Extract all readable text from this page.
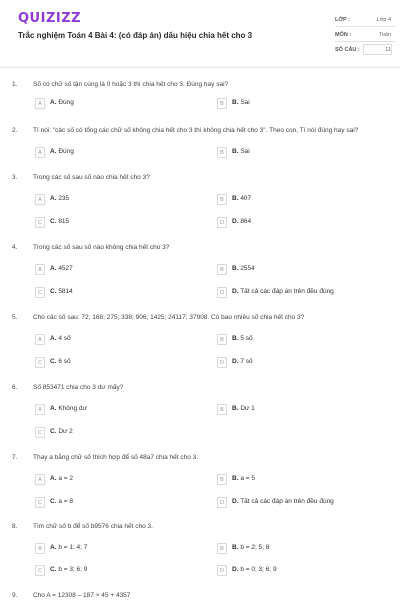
QUIZIZZ
Trắc nghiệm Toán 4 Bài 4: (có đáp án) dấu hiệu chia hết cho 3
LỚP :	Lớp 4
MÔN :	Toán
SỐ CÂU :	11
1. Số có chữ số tận cùng là 0 hoặc 3 thì chia hết cho 3. Đúng hay sai?
A	A. Đúng	B	B. Sai
2. Tí nói: "các số có tổng các chữ số không chia hết cho 3 thì không chia hết cho 3". Theo con, Tí nói đúng hay sai?
A	A. Đúng	B	B. Sai
3. Trong các số sau số nào chia hết cho 3?
A	A. 235	B	B. 407
C	C. 815	D	D. 864
4. Trong các số sau số nào không chia hết cho 3?
A	A. 4527	B	B. 2554
C	C. 5814	D	D. Tất cả các đáp án trên đều đúng
5. Cho các số sau: 72; 168; 275; 338; 906; 1425; 24117; 37908. Có bao nhiêu số chia hết cho 3?
A	A. 4 số	B	B. 5 số
C	C. 6 số	D	D. 7 số
6. Số 853471 chia cho 3 dư mấy?
A	A. Không dư	B	B. Dư 1
C	C. Dư 2
7. Thay a bằng chữ số thích hợp để số 48a7 chia hết cho 3.
A	A. a = 2	B	B. a = 5
C	C. a = 8	D	D. Tất cả các đáp án trên đều đúng
8. Tìm chữ số b để số b9576 chia hết cho 3.
A	A. b = 1; 4; 7	B	B. b = 2; 5; 8
C	C. b = 3; 6; 9	D	D. b = 0; 3; 6; 9
9. Cho A = 12308 – 187 × 45 + 4357
